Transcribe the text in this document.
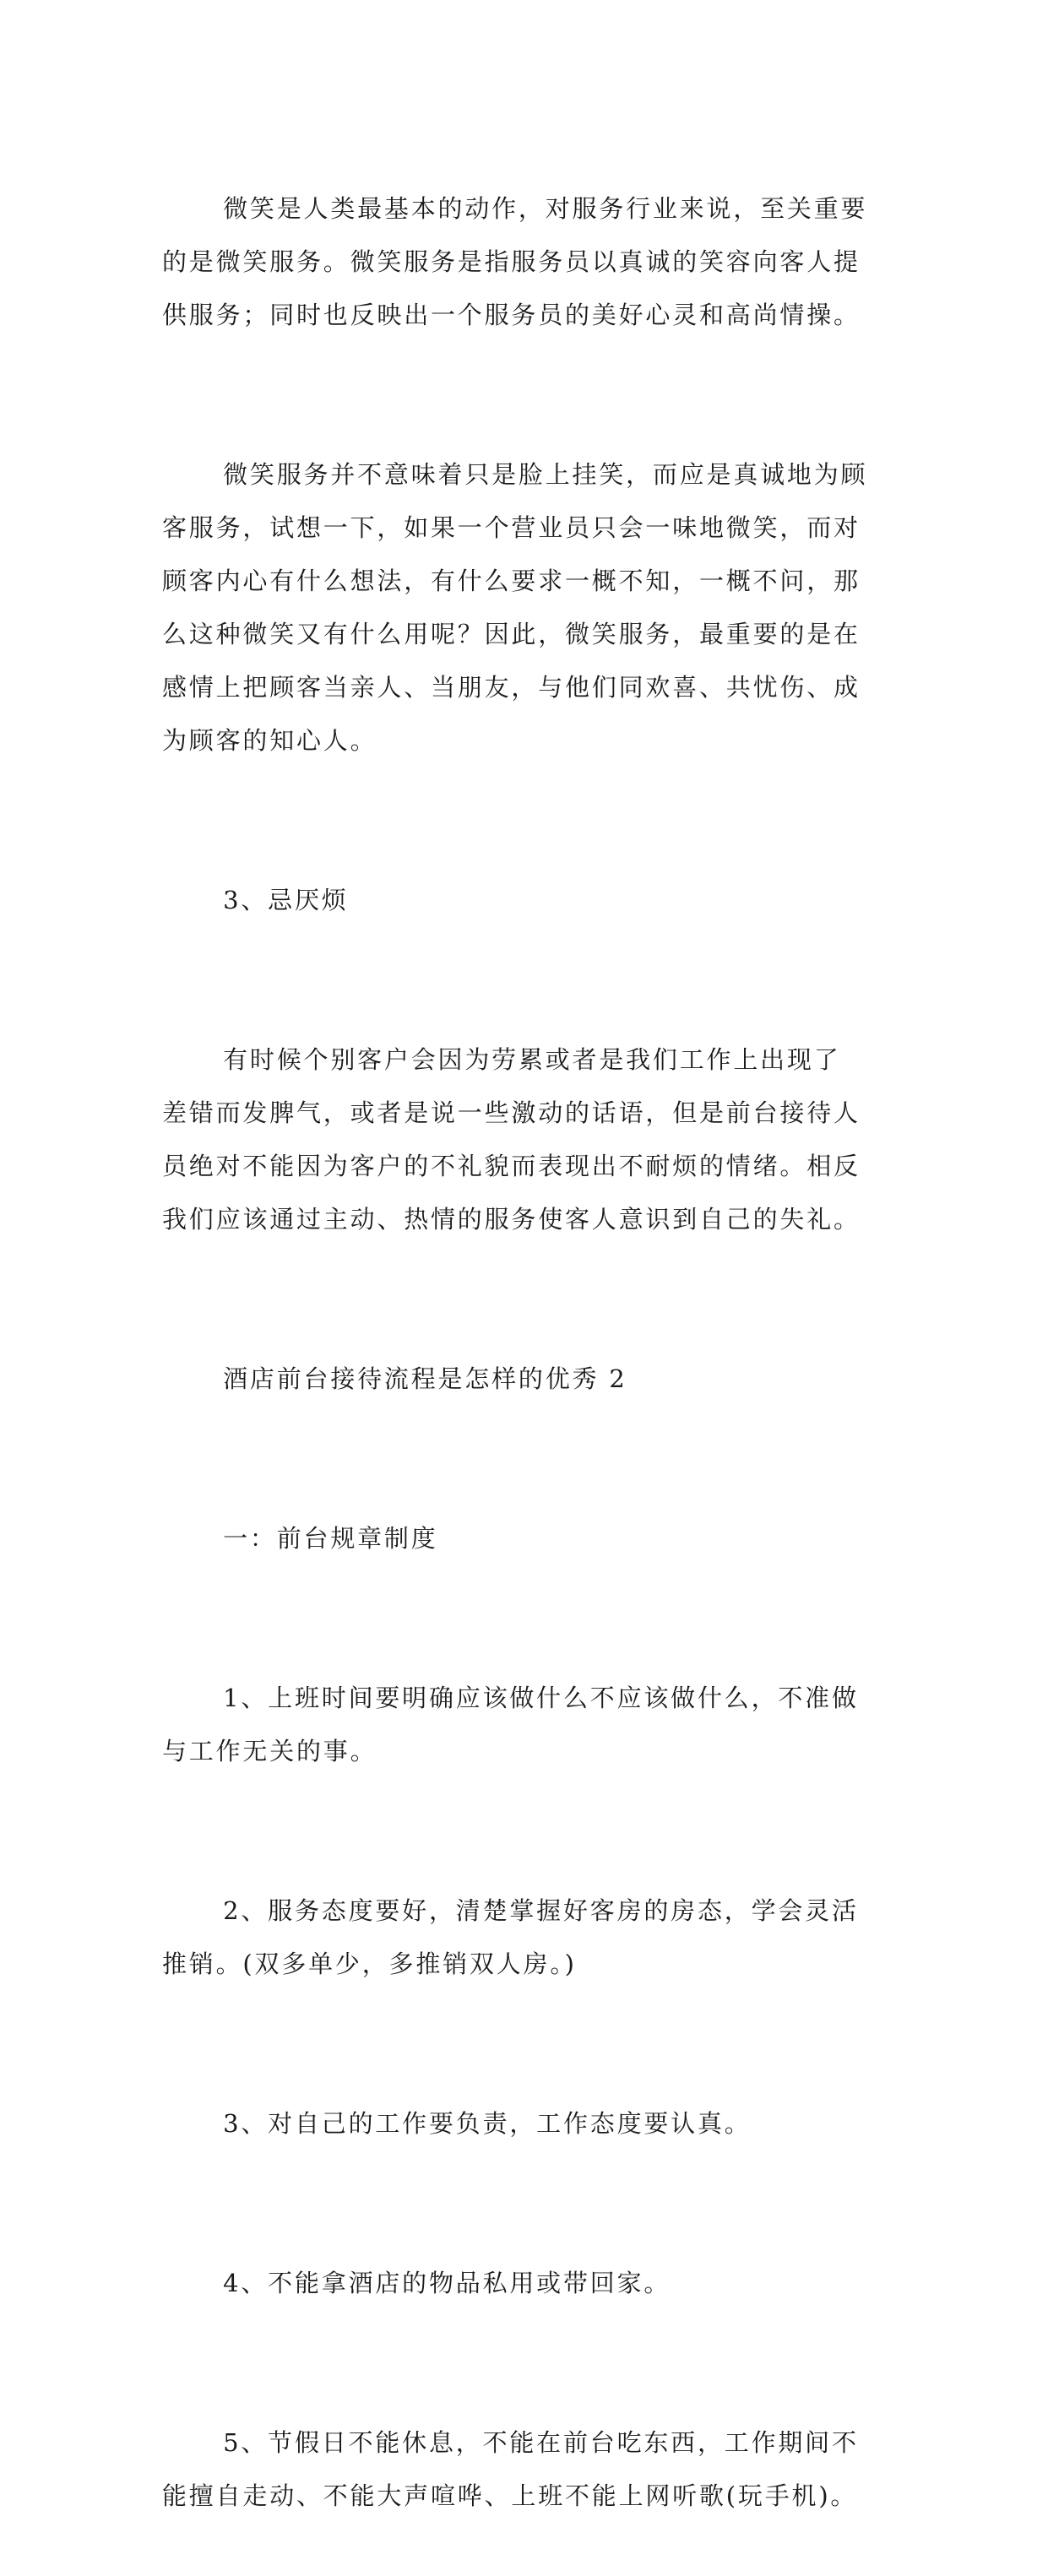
微笑是人类最基本的动作，对服务行业来说，至关重要
的是微笑服务。微笑服务是指服务员以真诚的笑容向客人提
供服务；同时也反映出一个服务员的美好心灵和高尚情操。

微笑服务并不意味着只是脸上挂笑，而应是真诚地为顾
客服务，试想一下，如果一个营业员只会一味地微笑，而对
顾客内心有什么想法，有什么要求一概不知，一概不问，那
么这种微笑又有什么用呢？因此，微笑服务，最重要的是在
感情上把顾客当亲人、当朋友，与他们同欢喜、共忧伤、成
为顾客的知心人。

3、忌厌烦

有时候个别客户会因为劳累或者是我们工作上出现了
差错而发脾气，或者是说一些激动的话语，但是前台接待人
员绝对不能因为客户的不礼貌而表现出不耐烦的情绪。相反
我们应该通过主动、热情的服务使客人意识到自己的失礼。

酒店前台接待流程是怎样的优秀 2

一：前台规章制度

1、上班时间要明确应该做什么不应该做什么，不准做
与工作无关的事。

2、服务态度要好，清楚掌握好客房的房态，学会灵活
推销。(双多单少，多推销双人房。)

3、对自己的工作要负责，工作态度要认真。

4、不能拿酒店的物品私用或带回家。

5、节假日不能休息，不能在前台吃东西，工作期间不
能擅自走动、不能大声喧哗、上班不能上网听歌(玩手机)。
